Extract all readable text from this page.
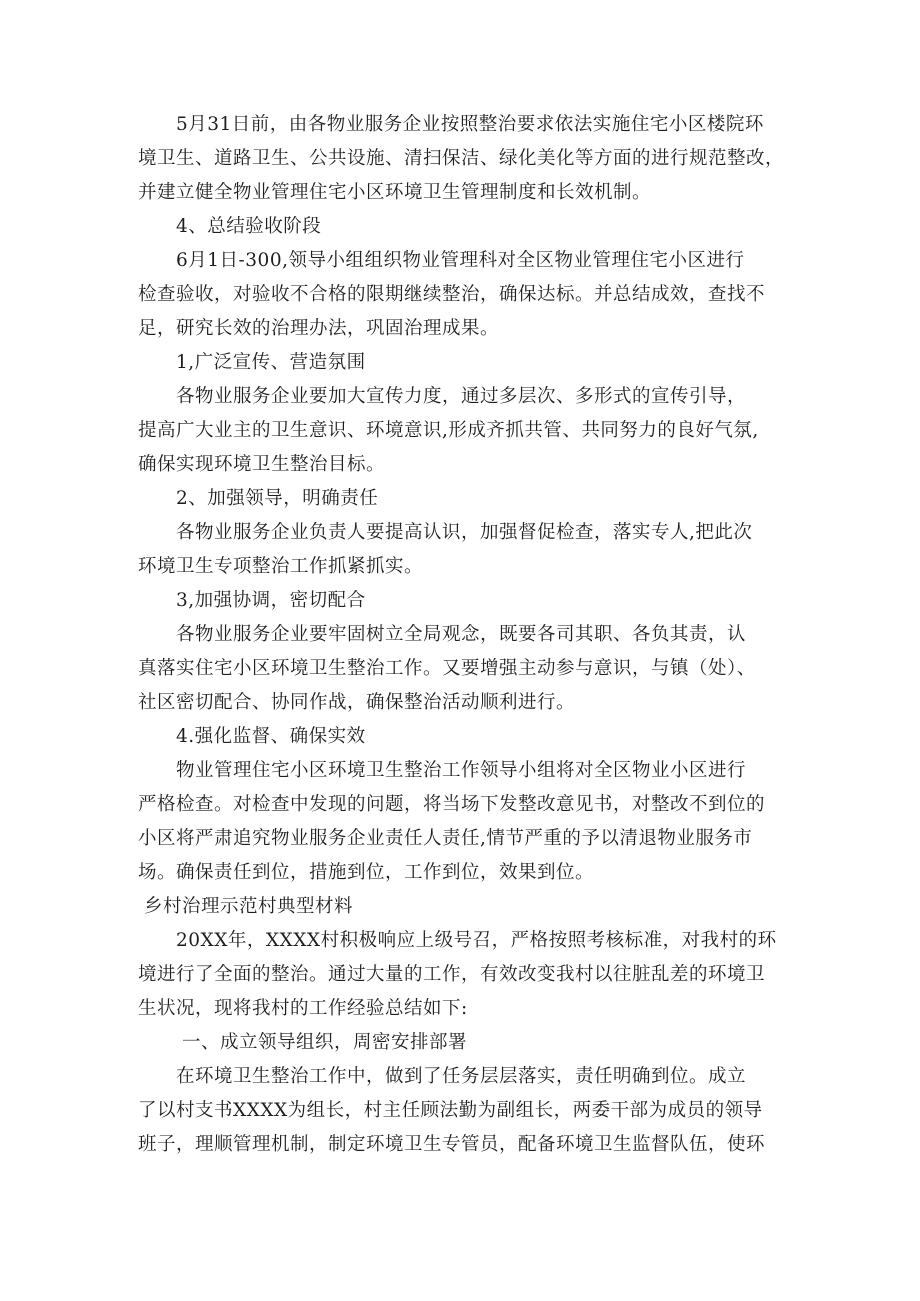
5月31日前，由各物业服务企业按照整治要求依法实施住宅小区楼院环
境卫生、道路卫生、公共设施、清扫保洁、绿化美化等方面的进行规范整改，
并建立健全物业管理住宅小区环境卫生管理制度和长效机制。
4、总结验收阶段
6月1日-300,领导小组组织物业管理科对全区物业管理住宅小区进行
检查验收，对验收不合格的限期继续整治，确保达标。并总结成效，查找不
足，研究长效的治理办法，巩固治理成果。
1,广泛宣传、营造氛围
各物业服务企业要加大宣传力度，通过多层次、多形式的宣传引导，
提高广大业主的卫生意识、环境意识,形成齐抓共管、共同努力的良好气氛,
确保实现环境卫生整治目标。
2、加强领导，明确责任
各物业服务企业负责人要提高认识，加强督促检查，落实专人,把此次
环境卫生专项整治工作抓紧抓实。
3,加强协调，密切配合
各物业服务企业要牢固树立全局观念，既要各司其职、各负其责，认
真落实住宅小区环境卫生整治工作。又要增强主动参与意识，与镇（处）、
社区密切配合、协同作战，确保整治活动顺利进行。
4.强化监督、确保实效
物业管理住宅小区环境卫生整治工作领导小组将对全区物业小区进行
严格检查。对检查中发现的问题，将当场下发整改意见书，对整改不到位的
小区将严肃追究物业服务企业责任人责任,情节严重的予以清退物业服务市
场。确保责任到位，措施到位，工作到位，效果到位。
乡村治理示范村典型材料
20XX年，XXXX村积极响应上级号召，严格按照考核标准，对我村的环
境进行了全面的整治。通过大量的工作，有效改变我村以往脏乱差的环境卫
生状况，现将我村的工作经验总结如下:
一、成立领导组织，周密安排部署
在环境卫生整治工作中，做到了任务层层落实，责任明确到位。成立
了以村支书XXXX为组长，村主任顾法勤为副组长，两委干部为成员的领导
班子，理顺管理机制，制定环境卫生专管员，配备环境卫生监督队伍，使环
